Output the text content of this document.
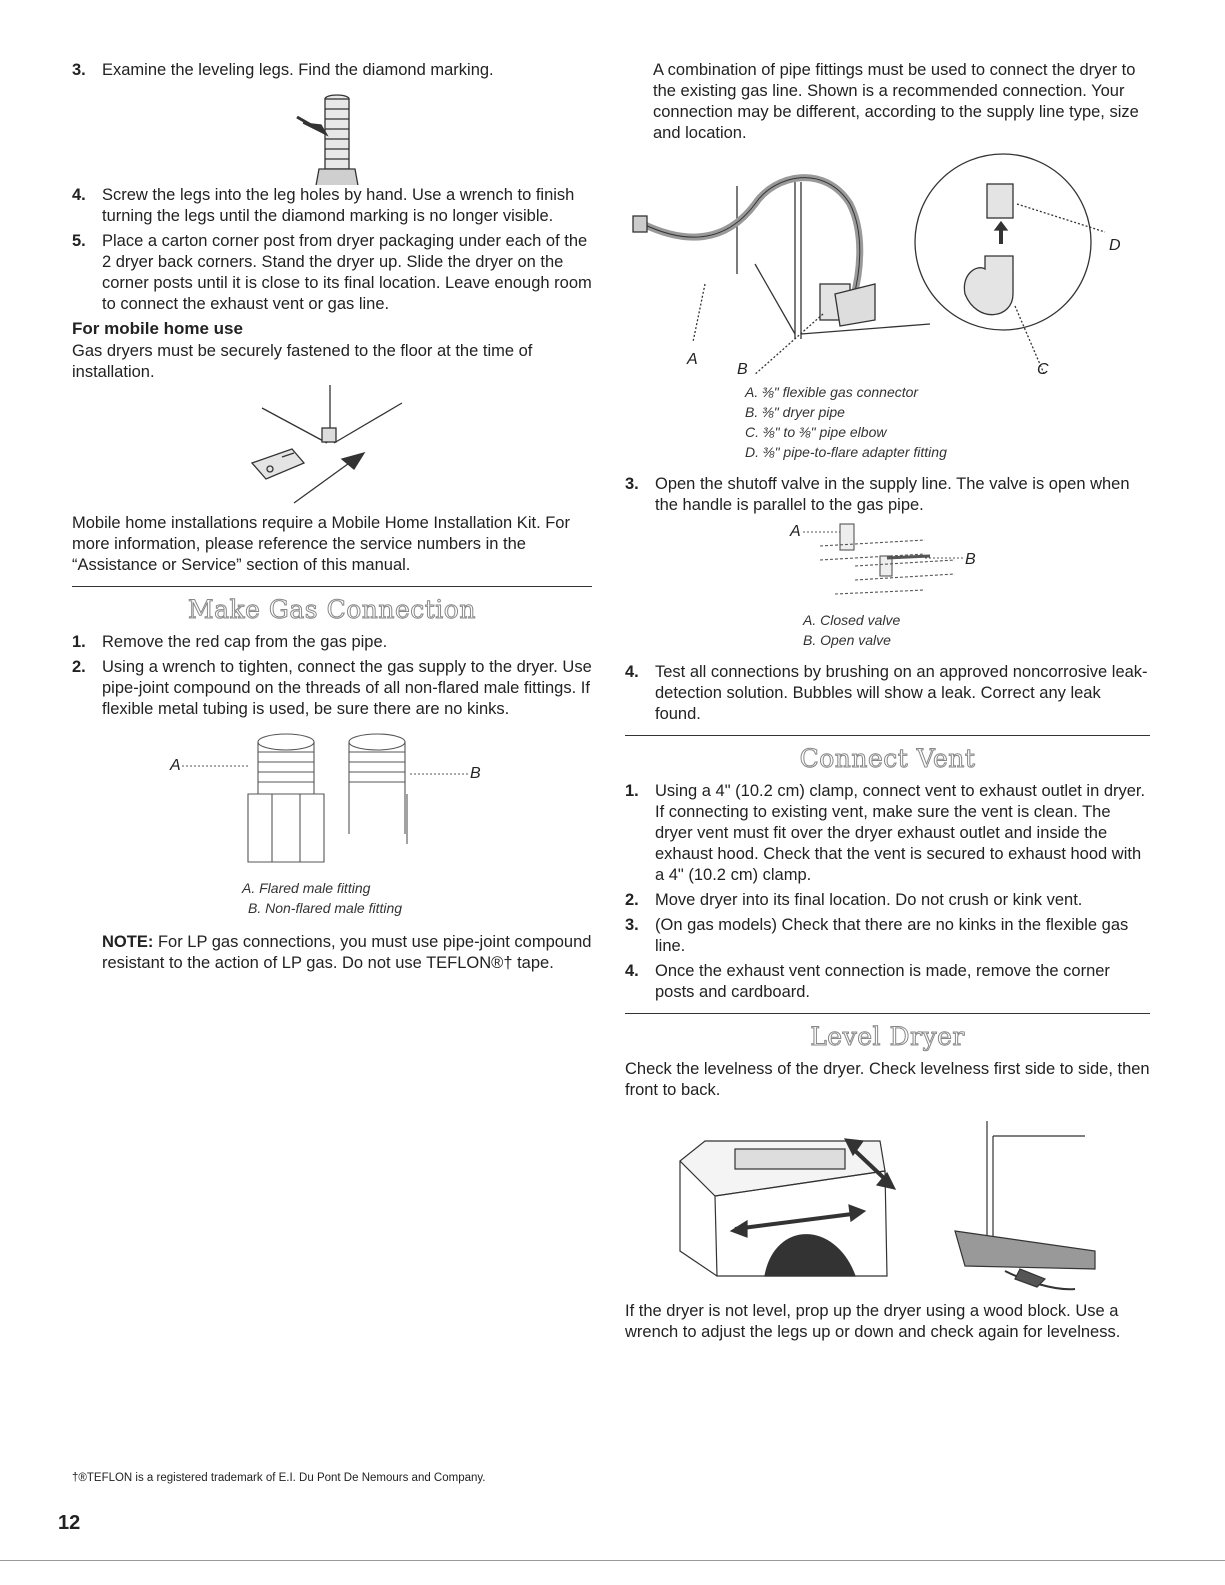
3. Examine the leveling legs. Find the diamond marking.
4. Screw the legs into the leg holes by hand. Use a wrench to finish turning the legs until the diamond marking is no longer visible.
5. Place a carton corner post from dryer packaging under each of the 2 dryer back corners. Stand the dryer up. Slide the dryer on the corner posts until it is close to its final location. Leave enough room to connect the exhaust vent or gas line.
For mobile home use

Gas dryers must be securely fastened to the floor at the time of installation.

Mobile home installations require a Mobile Home Installation Kit. For more information, please reference the service numbers in the “Assistance or Service” section of this manual.

Make Gas Connection
1. Remove the red cap from the gas pipe.
2. Using a wrench to tighten, connect the gas supply to the dryer. Use pipe-joint compound on the threads of all non-flared male fittings. If flexible metal tubing is used, be sure there are no kinks.
A	B
A. Flared male fitting
B. Non-flared male fitting
NOTE: For LP gas connections, you must use pipe-joint compound resistant to the action of LP gas. Do not use TEFLON®† tape.

A combination of pipe fittings must be used to connect the dryer to the existing gas line. Shown is a recommended connection. Your connection may be different, according to the supply line type, size and location.

A
B	C
D
A. ⅜" flexible gas connector
B. ⅜" dryer pipe
C. ⅜" to ⅜" pipe elbow
D. ⅜" pipe-to-flare adapter fitting
3. Open the shutoff valve in the supply line. The valve is open when the handle is parallel to the gas pipe.
A
B
A. Closed valve
B. Open valve
4. Test all connections by brushing on an approved noncorrosive leak-detection solution. Bubbles will show a leak. Correct any leak found.
Connect Vent
1. Using a 4" (10.2 cm) clamp, connect vent to exhaust outlet in dryer. If connecting to existing vent, make sure the vent is clean. The dryer vent must fit over the dryer exhaust outlet and inside the exhaust hood. Check that the vent is secured to exhaust hood with a 4" (10.2 cm) clamp.
2. Move dryer into its final location. Do not crush or kink vent.
3. (On gas models) Check that there are no kinks in the flexible gas line.
4. Once the exhaust vent connection is made, remove the corner posts and cardboard.
Level Dryer

Check the levelness of the dryer. Check levelness first side to side, then front to back.

If the dryer is not level, prop up the dryer using a wood block. Use a wrench to adjust the legs up or down and check again for levelness.

†®TEFLON is a registered trademark of E.I. Du Pont De Nemours and Company.
12
